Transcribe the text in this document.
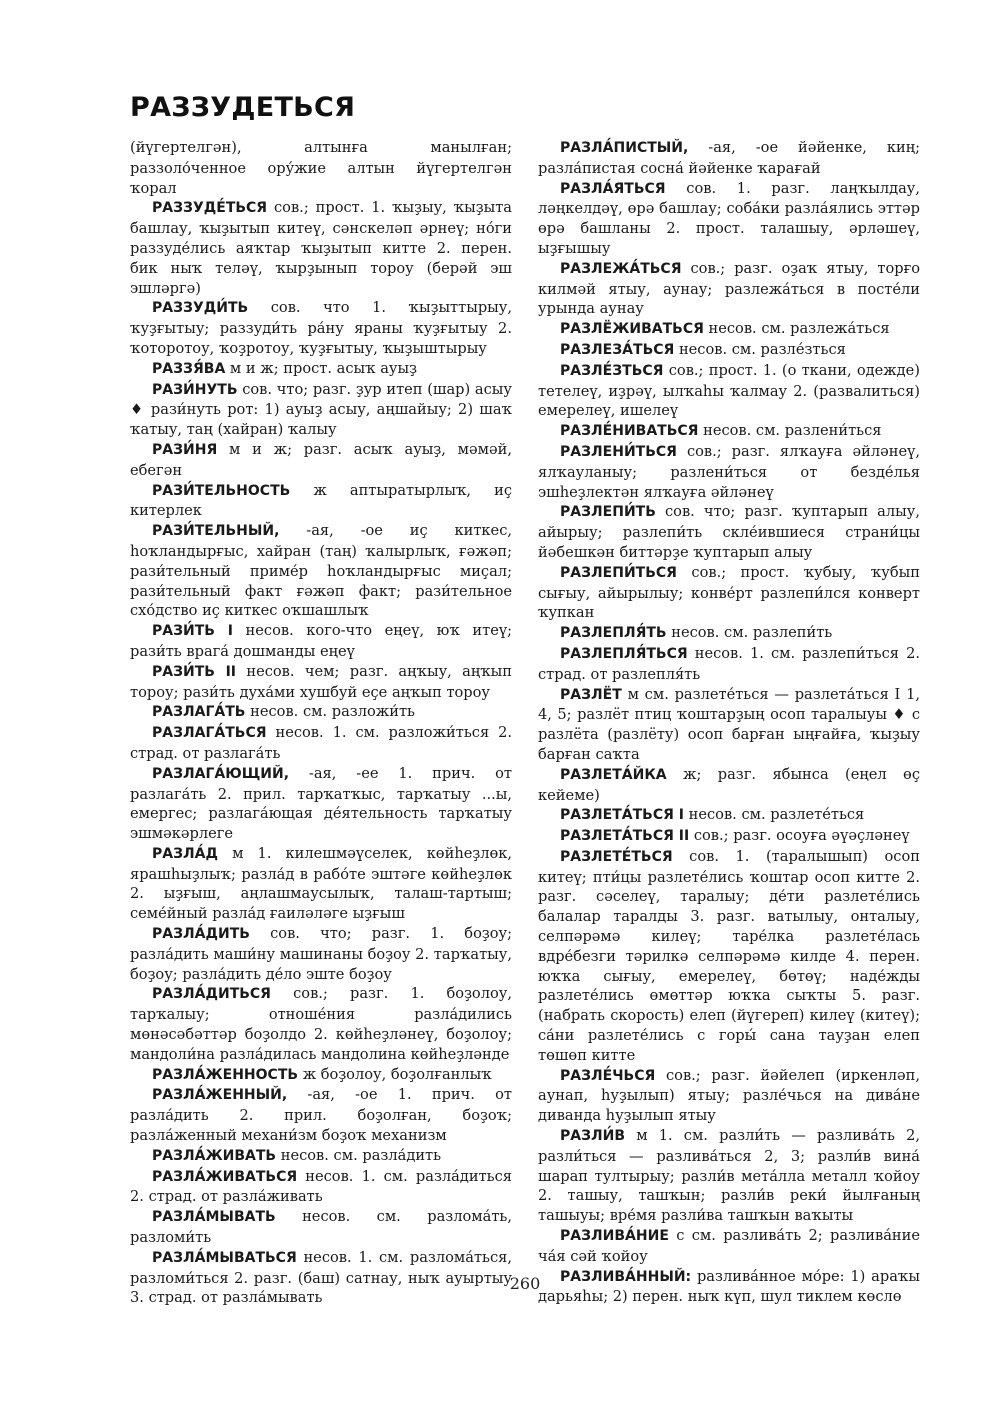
РАЗЗУДЕТЬСЯ

(йүгертелгән), алтынға манылған; раззоло́ченное ору́жие алтын йүгертелгән ҡорал

РАЗЗУДЕ́ТЬСЯ сов.; прост. 1. ҡыҙыу, ҡыҙыта башлау, ҡыҙытып китеү, сәнскеләп әрнеү; но́ги раззуде́лись аяҡтар ҡыҙытып китте 2. перен. бик ныҡ теләү, ҡырҙынып тороу (берәй эш эшләргә)

РАЗЗУДИ́ТЬ сов. что 1. ҡыҙыттырыу, ҡуҙғытыу; раззуди́ть ра́ну яраны ҡуҙғытыу 2. ҡоторотоу, ҡоҙротоу, ҡуҙғытыу, ҡыҙыштырыу

РАЗЗЯ́ВА м и ж; прост. асыҡ ауыҙ

РАЗИ́НУТЬ сов. что; разг. ҙур итеп (шар) асыу ♦ рази́нуть рот: 1) ауыҙ асыу, аңшайыу; 2) шаҡ ҡатыу, таң (хайран) ҡалыу

РАЗИ́НЯ м и ж; разг. асыҡ ауыҙ, мәмәй, ебегән

РАЗИ́ТЕЛЬНОСТЬ ж аптыратырлыҡ, иҫ китерлек

РАЗИ́ТЕЛЬНЫЙ, -ая, -ое иҫ киткес, һоҡландырғыс, хайран (таң) ҡалырлыҡ, ғәжәп; рази́тельный приме́р һоҡландырғыс миҫал; рази́тельный факт ғәжәп факт; рази́тельное схо́дство иҫ киткес оҡшашлыҡ

РАЗИ́ТЬ I несов. кого-что еңеү, юҡ итеү; рази́ть врага́ дошманды еңеү

РАЗИ́ТЬ II несов. чем; разг. аңҡыу, аңҡып тороу; рази́ть духа́ми хушбуй еҫе аңҡып тороу

РАЗЛАГА́ТЬ несов. см. разложи́ть

РАЗЛАГА́ТЬСЯ несов. 1. см. разложи́ться 2. страд. от разлага́ть

РАЗЛАГА́ЮЩИЙ, -ая, -ее 1. прич. от разлага́ть 2. прил. тарҡатҡыс, тарҡатыу ...ы, емергес; разлага́ющая де́ятельность тарҡатыу эшмәкәрлеге

РАЗЛА́Д м 1. килешмәүселек, көйһеҙлөк, ярашһыҙлыҡ; разла́д в рабо́те эштәге көйһеҙлөк 2. ыҙғыш, аңлашмаусылыҡ, талаш-тартыш; семе́йный разла́д ғаиләләге ыҙғыш

РАЗЛА́ДИТЬ сов. что; разг. 1. боҙоу; разла́дить маши́ну машинаны боҙоу 2. тарҡатыу, боҙоу; разла́дить де́ло эште боҙоу

РАЗЛА́ДИТЬСЯ сов.; разг. 1. боҙолоу, тарҡалыу; отноше́ния разла́дились мөнәсәбәттәр боҙолдо 2. көйһеҙләнеү, боҙолоу; мандоли́на разла́дилась мандолина көйһеҙләнде

РАЗЛА́ЖЕННОСТЬ ж боҙолоу, боҙолғанлыҡ

РАЗЛА́ЖЕННЫЙ, -ая, -ое 1. прич. от разла́дить 2. прил. боҙолған, боҙоҡ; разла́женный механи́зм боҙоҡ механизм

РАЗЛА́ЖИВАТЬ несов. см. разла́дить

РАЗЛА́ЖИВАТЬСЯ несов. 1. см. разла́диться 2. страд. от разла́живать

РАЗЛА́МЫВАТЬ несов. см. разлома́ть, разломи́ть

РАЗЛА́МЫВАТЬСЯ несов. 1. см. разлома́ться, разломи́ться 2. разг. (баш) сатнау, ныҡ ауыртыу 3. страд. от разла́мывать

РАЗЛА́ПИСТЫЙ, -ая, -ое йәйенке, киң; разла́пистая сосна́ йәйенке ҡарағай

РАЗЛА́ЯТЬСЯ сов. 1. разг. лаңҡылдау, ләңкелдәү, өрә башлау; соба́ки разла́ялись эттәр өрә башланы 2. прост. талашыу, әрләшеү, ыҙғышыу

РАЗЛЕЖА́ТЬСЯ сов.; разг. оҙаҡ ятыу, торғо килмәй ятыу, аунау; разлежа́ться в посте́ли урында аунау

РАЗЛЁЖИВАТЬСЯ несов. см. разлежа́ться

РАЗЛЕЗА́ТЬСЯ несов. см. разле́зться

РАЗЛЕ́ЗТЬСЯ сов.; прост. 1. (о ткани, одежде) тетелеү, иҙрәү, ылҡаһы ҡалмау 2. (развалиться) емерелеү, ишелеү

РАЗЛЕ́НИВАТЬСЯ несов. см. разлени́ться

РАЗЛЕНИ́ТЬСЯ сов.; разг. ялҡауға әйләнеү, ялҡауланыу; разлени́ться от безде́лья эшһеҙлектән ялҡауға әйләнеү

РАЗЛЕПИ́ТЬ сов. что; разг. ҡуптарып алыу, айырыу; разлепи́ть скле́ившиеся страни́цы йәбешкән биттәрҙе ҡуптарып алыу

РАЗЛЕПИ́ТЬСЯ сов.; прост. ҡубыу, ҡубып сығыу, айырылыу; конве́рт разлепи́лся конверт ҡупкан

РАЗЛЕПЛЯ́ТЬ несов. см. разлепи́ть

РАЗЛЕПЛЯ́ТЬСЯ несов. 1. см. разлепи́ться 2. страд. от разлепля́ть

РАЗЛЁТ м см. разлете́ться — разлета́ться I 1, 4, 5; разлёт птиц ҡоштарҙың осоп таралыуы ♦ с разлёта (разлёту) осоп барған ыңғайға, ҡыҙыу барған саҡта

РАЗЛЕТА́ЙКА ж; разг. ябынса (еңел өҫ кейеме)

РАЗЛЕТА́ТЬСЯ I несов. см. разлете́ться

РАЗЛЕТА́ТЬСЯ II сов.; разг. осоуға әүәҫләнеү

РАЗЛЕТЕ́ТЬСЯ сов. 1. (таралышып) осоп китеү; пти́цы разлете́лись ҡоштар осоп китте 2. разг. сәселеү, таралыу; де́ти разлете́лись балалар таралды 3. разг. ватылыу, онталыу, селпәрәмә килеү; таре́лка разлете́лась вдре́безги тәрилкә селпәрәмә килде 4. перен. юҡҡа сығыу, емерелеү, бөтөү; наде́жды разлете́лись өмөттәр юҡҡа сыҡты 5. разг. (набрать скорость) елеп (йүгереп) килеү (китеү); са́ни разлете́лись с горы́ сана тауҙан елеп төшөп китте

РАЗЛЕ́ЧЬСЯ сов.; разг. йәйелеп (иркенләп, аунап, һуҙылып) ятыу; разле́чься на дива́не диванда һуҙылып ятыу

РАЗЛИ́В м 1. см. разли́ть — разлива́ть 2, разли́ться — разлива́ться 2, 3; разли́в вина́ шарап тултырыу; разли́в мета́лла металл ҡойоу 2. ташыу, ташҡын; разли́в реки́ йылғаның ташыуы; вре́мя разли́ва ташҡын ваҡыты

РАЗЛИВА́НИЕ с см. разлива́ть 2; разлива́ние ча́я сәй ҡойоу

РАЗЛИВА́ННЫЙ: разлива́нное мо́ре: 1) араҡы дарьяһы; 2) перен. ныҡ күп, шул тиклем көслө

260
